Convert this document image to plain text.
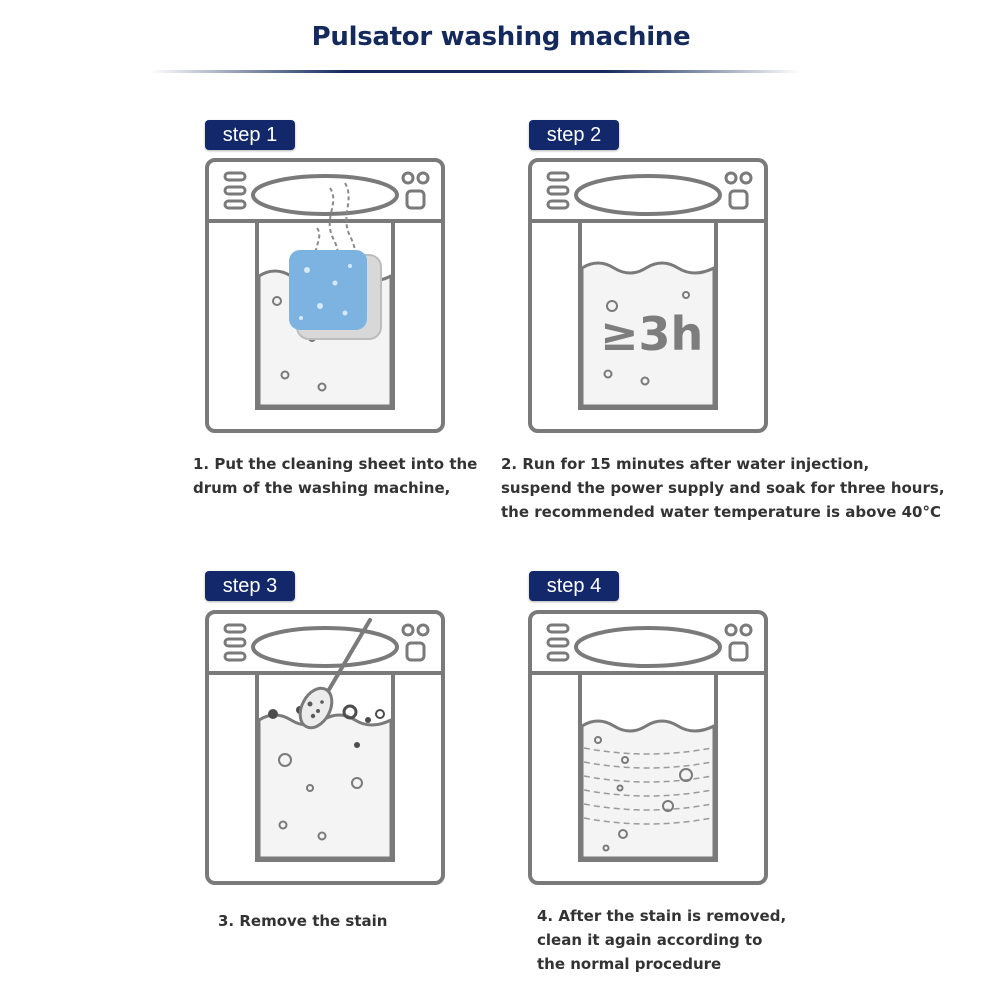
Pulsator washing machine
step 1
1. Put the cleaning sheet into the
drum of the washing machine,
step 2
≥3h
2. Run for 15 minutes after water injection,
suspend the power supply and soak for three hours,
the recommended water temperature is above 40°C
step 3
3. Remove the stain
step 4
4. After the stain is removed,
clean it again according to
the normal procedure
